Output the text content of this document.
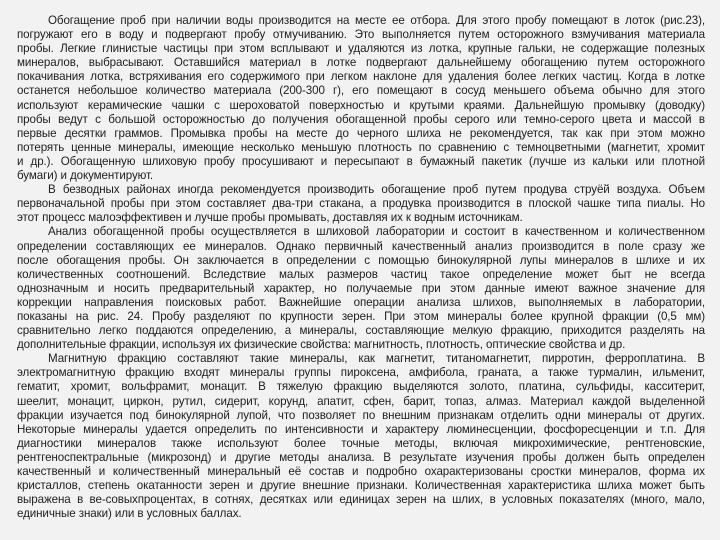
Обогащение проб при наличии воды производится на месте ее отбора. Для этого пробу помещают в лоток (рис.23),
погружают его в воду и подвергают пробу отмучиванию. Это выполняется путем осторожного взмучивания материала
пробы. Легкие глинистые частицы при этом всплывают и удаляются из лотка, крупные гальки, не содержащие полезных
минералов, выбрасывают. Оставшийся материал в лотке подвергают дальнейшему обогащению путем осторожного
покачивания лотка, встряхивания его содержимого при легком наклоне для удаления более легких частиц. Когда в лотке
останется небольшое количество материала (200-300 г), его помещают в сосуд меньшего объема обычно для этого
используют керамические чашки с шероховатой поверхностью и крутыми краями. Дальнейшую промывку (доводку)
пробы ведут с большой осторожностью до получения обогащенной пробы серого или темно-серого цвета и массой в
первые десятки граммов. Промывка пробы на месте до черного шлиха не рекомендуется, так как при этом можно
потерять ценные минералы, имеющие несколько меньшую плотность по сравнению с темноцветными (магнетит, хромит
и др.). Обогащенную шлиховую пробу просушивают и пересыпают в бумажный пакетик (лучше из кальки или плотной
бумаги) и документируют.
В безводных районах иногда рекомендуется производить обогащение проб путем продува струёй воздуха. Объем
первоначальной пробы при этом составляет два-три стакана, а продувка производится в плоской чашке типа пиалы. Но
этот процесс малоэффективен и лучше пробы промывать, доставляя их к водным источникам.
Анализ обогащенной пробы осуществляется в шлиховой лаборатории и состоит в качественном и количественном
определении составляющих ее минералов. Однако первичный качественный анализ производится в поле сразу же
после обогащения пробы. Он заключается в определении с помощью бинокулярной лупы минералов в шлихе и их
количественных соотношений. Вследствие малых размеров частиц такое определение может быт не всегда
однозначным и носить предварительный характер, но получаемые при этом данные имеют важное значение для
коррекции направления поисковых работ. Важнейшие операции анализа шлихов, выполняемых в лаборатории,
показаны на рис. 24. Пробу разделяют по крупности зерен. При этом минералы более крупной фракции (0,5 мм)
сравнительно легко поддаются определению, а минералы, составляющие мелкую фракцию, приходится разделять на
дополнительные фракции, используя их физические свойства: магнитность, плотность, оптические свойства и др.
Магнитную фракцию составляют такие минералы, как магнетит, титаномагнетит, пирротин, ферроплатина. В
электромагнитную фракцию входят минералы группы пироксена, амфибола, граната, а также турмалин, ильменит,
гематит, хромит, вольфрамит, монацит. В тяжелую фракцию выделяются золото, платина, сульфиды, касситерит,
шеелит, монацит, циркон, рутил, сидерит, корунд, апатит, сфен, барит, топаз, алмаз. Материал каждой выделенной
фракции изучается под бинокулярной лупой, что позволяет по внешним признакам отделить одни минералы от других.
Некоторые минералы удается определить по интенсивности и характеру люминесценции, фосфоресценции и т.п. Для
диагностики минералов также используют более точные методы, включая микрохимические, рентгеновские,
рентгеноспектральные (микрозонд) и другие методы анализа. В результате изучения пробы должен быть определен
качественный и количественный минеральный её состав и подробно охарактеризованы сростки минералов, форма их
кристаллов, степень окатанности зерен и другие внешние признаки. Количественная характеристика шлиха может быть
выражена в ве-совыхпроцентах, в сотнях, десятках или единицах зерен на шлих, в условных показателях (много, мало,
единичные знаки) или в условных баллах.
